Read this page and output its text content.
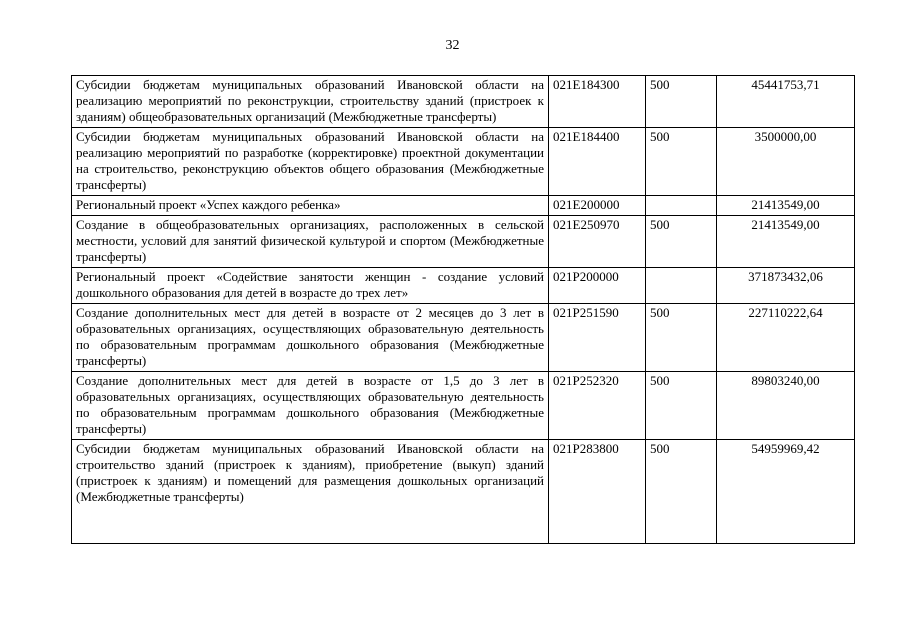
32
Субсидии бюджетам муниципальных образований Ивановской области на реализацию мероприятий по реконструкции, строительству зданий (пристроек к зданиям) общеобразовательных организаций (Межбюджетные трансферты)	021E184300	500	45441753,71
Субсидии бюджетам муниципальных образований Ивановской области на реализацию мероприятий по разработке (корректировке) проектной документации на строительство, реконструкцию объектов общего образования (Межбюджетные трансферты)	021E184400	500	3500000,00
Региональный проект «Успех каждого ребенка»	021E200000		21413549,00
Создание в общеобразовательных организациях, расположенных в сельской местности, условий для занятий физической культурой и спортом (Межбюджетные трансферты)	021E250970	500	21413549,00
Региональный проект «Содействие занятости женщин - создание условий дошкольного образования для детей в возрасте до трех лет»	021P200000		371873432,06
Создание дополнительных мест для детей в возрасте от 2 месяцев до 3 лет в образовательных организациях, осуществляющих образовательную деятельность по образовательным программам дошкольного образования (Межбюджетные трансферты)	021P251590	500	227110222,64
Создание дополнительных мест для детей в возрасте от 1,5 до 3 лет в образовательных организациях, осуществляющих образовательную деятельность по образовательным программам дошкольного образования (Межбюджетные трансферты)	021P252320	500	89803240,00
Субсидии бюджетам муниципальных образований Ивановской области на строительство зданий (пристроек к зданиям), приобретение (выкуп) зданий (пристроек к зданиям) и помещений для размещения дошкольных организаций (Межбюджетные трансферты)	021P283800	500	54959969,42
